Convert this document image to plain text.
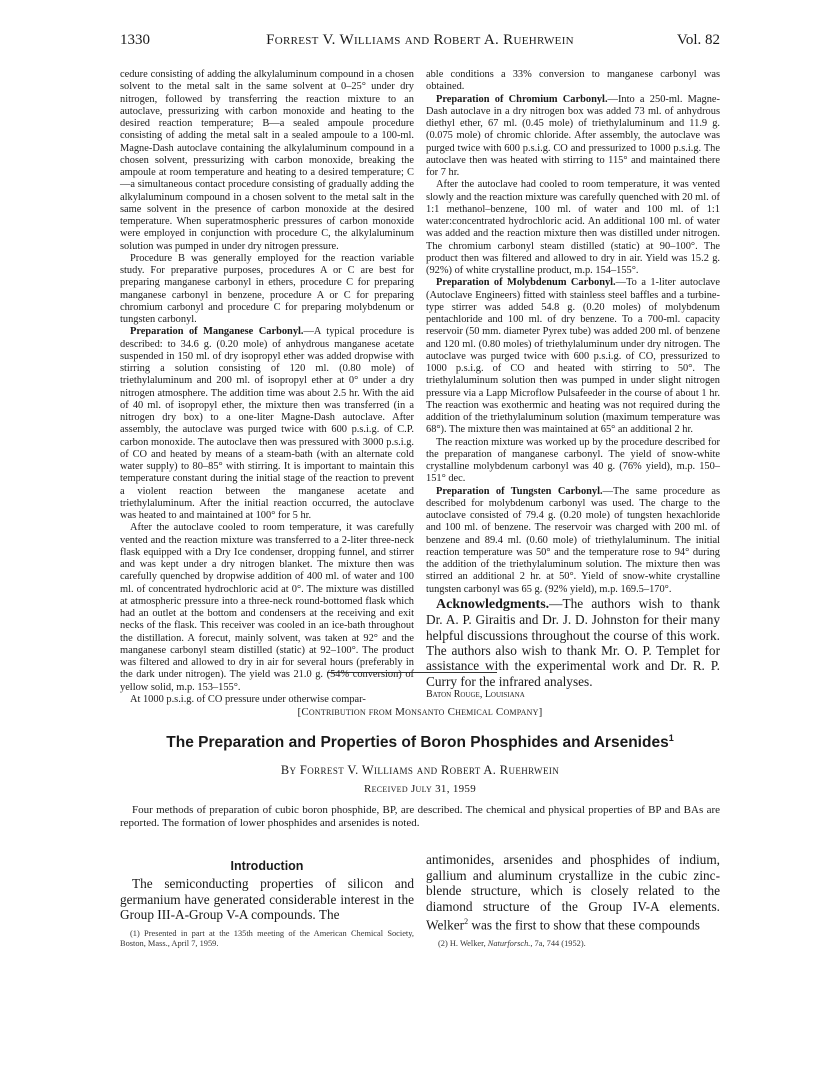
1330	Forrest V. Williams and Robert A. Ruehrwein	Vol. 82

cedure consisting of adding the alkylaluminum compound in a chosen solvent to the metal salt in the same solvent at 0–25° under dry nitrogen, followed by transferring the reaction mixture to an autoclave, pressurizing with carbon monoxide and heating to the desired reaction temperature; B—a sealed ampoule procedure consisting of adding the metal salt in a sealed ampoule to a 100-ml. Magne-Dash autoclave containing the alkylaluminum compound in a chosen solvent, pressurizing with carbon monoxide, breaking the ampoule at room temperature and heating to a desired temperature; C—a simultaneous contact procedure consisting of gradually adding the alkylaluminum compound in a chosen solvent to the metal salt in the same solvent in the presence of carbon monoxide at the desired temperature. When superatmospheric pressures of carbon monoxide were employed in conjunction with procedure C, the alkylaluminum solution was pumped in under dry nitrogen pressure.

Procedure B was generally employed for the reaction variable study. For preparative purposes, procedures A or C are best for preparing manganese carbonyl in ethers, procedure C for preparing manganese carbonyl in benzene, procedure A or C for preparing chromium carbonyl and procedure C for preparing molybdenum or tungsten carbonyl.

Preparation of Manganese Carbonyl.—A typical procedure is described: to 34.6 g. (0.20 mole) of anhydrous manganese acetate suspended in 150 ml. of dry isopropyl ether was added dropwise with stirring a solution consisting of 120 ml. (0.80 mole) of triethylaluminum and 200 ml. of isopropyl ether at 0° under a dry nitrogen atmosphere. The addition time was about 2.5 hr. With the aid of 40 ml. of isopropyl ether, the mixture then was transferred (in a nitrogen dry box) to a one-liter Magne-Dash autoclave. After assembly, the autoclave was purged twice with 600 p.s.i.g. of C.P. carbon monoxide. The autoclave then was pressured with 3000 p.s.i.g. of CO and heated by means of a steam-bath (with an alternate cold water supply) to 80–85° with stirring. It is important to maintain this temperature constant during the initial stage of the reaction to prevent a violent reaction between the manganese acetate and triethylaluminum. After the initial reaction occurred, the autoclave was heated to and maintained at 100° for 5 hr.

After the autoclave cooled to room temperature, it was carefully vented and the reaction mixture was transferred to a 2-liter three-neck flask equipped with a Dry Ice condenser, dropping funnel, and stirrer and was kept under a dry nitrogen blanket. The mixture then was carefully quenched by dropwise addition of 400 ml. of water and 100 ml. of concentrated hydrochloric acid at 0°. The mixture was distilled at atmospheric pressure into a three-neck round-bottomed flask which had an outlet at the bottom and condensers at the receiving and exit necks of the flask. This receiver was cooled in an ice-bath throughout the distillation. A forecut, mainly solvent, was taken at 92° and the manganese carbonyl steam distilled (static) at 92–100°. The product was filtered and allowed to dry in air for several hours (preferably in the dark under nitrogen). The yield was 21.0 g. (54% conversion) of yellow solid, m.p. 153–155°.

At 1000 p.s.i.g. of CO pressure under otherwise compar-

able conditions a 33% conversion to manganese carbonyl was obtained.

Preparation of Chromium Carbonyl.—Into a 250-ml. Magne-Dash autoclave in a dry nitrogen box was added 73 ml. of anhydrous diethyl ether, 67 ml. (0.45 mole) of triethylaluminum and 11.9 g. (0.075 mole) of chromic chloride. After assembly, the autoclave was purged twice with 600 p.s.i.g. CO and pressurized to 1000 p.s.i.g. The autoclave then was heated with stirring to 115° and maintained there for 7 hr.

After the autoclave had cooled to room temperature, it was vented slowly and the reaction mixture was carefully quenched with 20 ml. of 1:1 methanol–benzene, 100 ml. of water and 100 ml. of 1:1 water:concentrated hydrochloric acid. An additional 100 ml. of water was added and the reaction mixture then was distilled under nitrogen. The chromium carbonyl steam distilled (static) at 90–100°. The product then was filtered and allowed to dry in air. Yield was 15.2 g. (92%) of white crystalline product, m.p. 154–155°.

Preparation of Molybdenum Carbonyl.—To a 1-liter autoclave (Autoclave Engineers) fitted with stainless steel baffles and a turbine-type stirrer was added 54.8 g. (0.20 moles) of molybdenum pentachloride and 100 ml. of dry benzene. To a 700-ml. capacity reservoir (50 mm. diameter Pyrex tube) was added 200 ml. of benzene and 120 ml. (0.80 moles) of triethylaluminum under dry nitrogen. The autoclave was purged twice with 600 p.s.i.g. of CO, pressurized to 1000 p.s.i.g. of CO and heated with stirring to 50°. The triethylaluminum solution then was pumped in under slight nitrogen pressure via a Lapp Microflow Pulsafeeder in the course of about 1 hr. The reaction was exothermic and heating was not required during the addition of the triethylaluminum solution (maximum temperature was 68°). The mixture then was maintained at 65° an additional 2 hr.

The reaction mixture was worked up by the procedure described for the preparation of manganese carbonyl. The yield of snow-white crystalline molybdenum carbonyl was 40 g. (76% yield), m.p. 150–151° dec.

Preparation of Tungsten Carbonyl.—The same procedure as described for molybdenum carbonyl was used. The charge to the autoclave consisted of 79.4 g. (0.20 mole) of tungsten hexachloride and 100 ml. of benzene. The reservoir was charged with 200 ml. of benzene and 89.4 ml. (0.60 mole) of triethylaluminum. The initial reaction temperature was 50° and the temperature rose to 94° during the addition of the triethylaluminum solution. The mixture then was stirred an additional 2 hr. at 50°. Yield of snow-white crystalline tungsten carbonyl was 65 g. (92% yield), m.p. 169.5–170°.

Acknowledgments.—The authors wish to thank Dr. A. P. Giraitis and Dr. J. D. Johnston for their many helpful discussions throughout the course of this work. The authors also wish to thank Mr. O. P. Templet for assistance with the experimental work and Dr. R. P. Curry for the infrared analyses.

Baton Rouge, Louisiana

[Contribution from Monsanto Chemical Company]
The Preparation and Properties of Boron Phosphides and Arsenides$^1$
By Forrest V. Williams and Robert A. Ruehrwein
Received July 31, 1959
Four methods of preparation of cubic boron phosphide, BP, are described. The chemical and physical properties of BP and BAs are reported. The formation of lower phosphides and arsenides is noted.
Introduction

The semiconducting properties of silicon and germanium have generated considerable interest in the Group III-A-Group V-A compounds. The

(1) Presented in part at the 135th meeting of the American Chemical Society, Boston, Mass., April 7, 1959.

antimonides, arsenides and phosphides of indium, gallium and aluminum crystallize in the cubic zinc-blende structure, which is closely related to the diamond structure of the Group IV-A elements. Welker$^2$ was the first to show that these compounds

(2) H. Welker, Naturforsch., 7a, 744 (1952).
